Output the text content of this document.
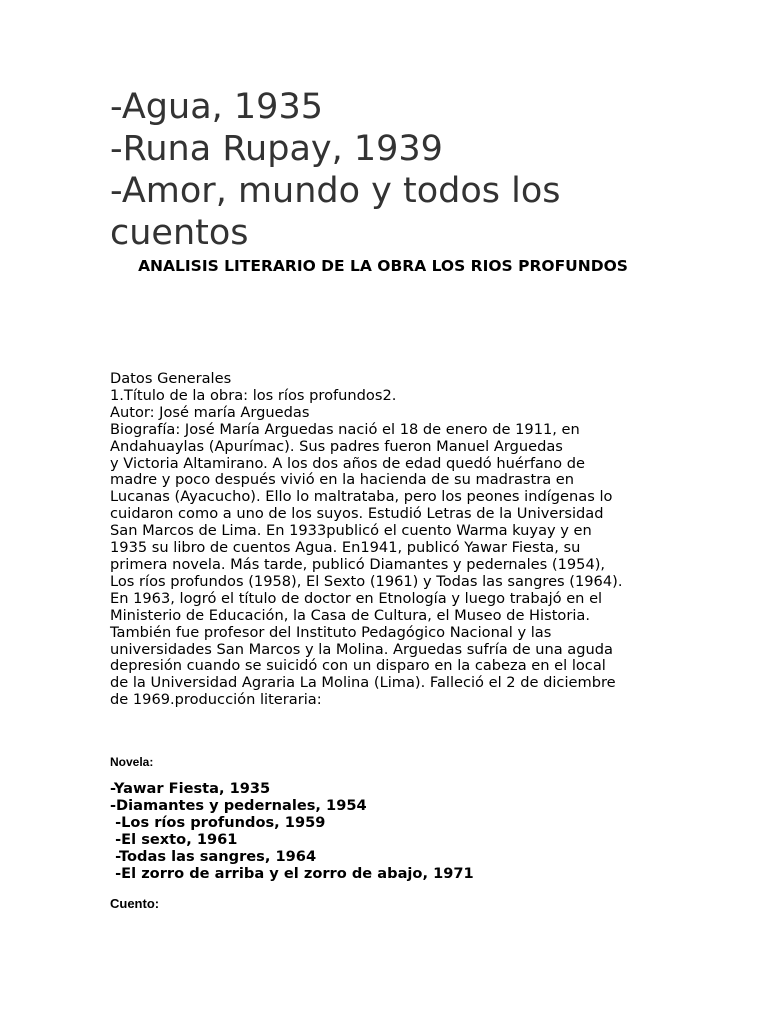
-Agua, 1935
-Runa Rupay, 1939
-Amor, mundo y todos los cuentos
ANALISIS LITERARIO DE LA OBRA LOS RIOS PROFUNDOS
Datos Generales
1.Título de la obra: los ríos profundos2.
Autor: José maría Arguedas
Biografía: José María Arguedas nació el 18 de enero de 1911, en
Andahuaylas (Apurímac). Sus padres fueron Manuel Arguedas
y Victoria Altamirano. A los dos años de edad quedó huérfano de
madre y poco después vivió en la hacienda de su madrastra en
Lucanas (Ayacucho). Ello lo maltrataba, pero los peones indígenas lo
cuidaron como a uno de los suyos. Estudió Letras de la Universidad
San Marcos de Lima. En 1933publicó el cuento Warma kuyay y en
1935 su libro de cuentos Agua. En1941, publicó Yawar Fiesta, su
primera novela. Más tarde, publicó Diamantes y pedernales (1954),
Los ríos profundos (1958), El Sexto (1961) y Todas las sangres (1964).
En 1963, logró el título de doctor en Etnología y luego trabajó en el
Ministerio de Educación, la Casa de Cultura, el Museo de Historia.
También fue profesor del Instituto Pedagógico Nacional y las
universidades San Marcos y la Molina. Arguedas sufría de una aguda
depresión cuando se suicidó con un disparo en la cabeza en el local
de la Universidad Agraria La Molina (Lima). Falleció el 2 de diciembre
de 1969.producción literaria:

Novela:

-Yawar Fiesta, 1935
-Diamantes y pedernales, 1954
-Los ríos profundos, 1959
-El sexto, 1961
-Todas las sangres, 1964
-El zorro de arriba y el zorro de abajo, 1971

Cuento:
